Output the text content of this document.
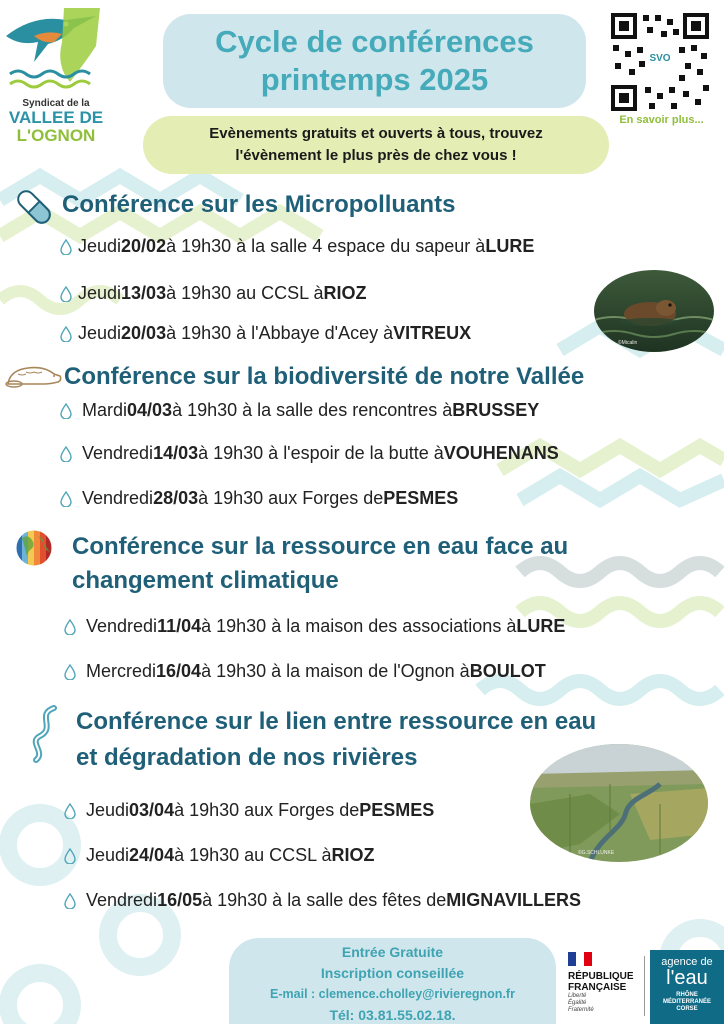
Syndicat de la
VALLEE DE
L'OGNON
Cycle de conférences
printemps 2025
SVO
En savoir plus...
Evènements gratuits et ouverts à tous, trouvez
l'évènement le plus près de chez vous !
Conférence sur les Micropolluants
Jeudi 20/02 à 19h30 à la salle 4 espace du sapeur à LURE
Jeudi 13/03 à 19h30 au CCSL à RIOZ
Jeudi 20/03 à 19h30 à l'Abbaye d'Acey à VITREUX	©Micalin
Conférence sur la biodiversité de notre Vallée
Mardi 04/03 à 19h30 à la salle des rencontres à BRUSSEY
Vendredi 14/03 à 19h30 à l'espoir de la butte à VOUHENANS
Vendredi 28/03 à 19h30 aux Forges de PESMES
Conférence sur la ressource en eau face au
changement climatique
Vendredi 11/04 à 19h30 à la maison des associations à LURE
Mercredi 16/04 à 19h30 à la maison de l'Ognon à BOULOT
Conférence sur le lien entre ressource en eau
et dégradation de nos rivières
©G.SCHLUNKE
Jeudi 03/04 à 19h30 aux Forges de PESMES
Jeudi 24/04 à 19h30 au CCSL à RIOZ
Vendredi 16/05 à 19h30 à la salle des fêtes de MIGNAVILLERS
Entrée Gratuite
Inscription conseillée
E-mail : clemence.cholley@rivieregnon.fr
Tél: 03.81.55.02.18.
RÉPUBLIQUE
FRANÇAISE
Liberté
Égalité
Fraternité
agence de
l'eau
RHÔNE
MÉDITERRANÉE
CORSE
